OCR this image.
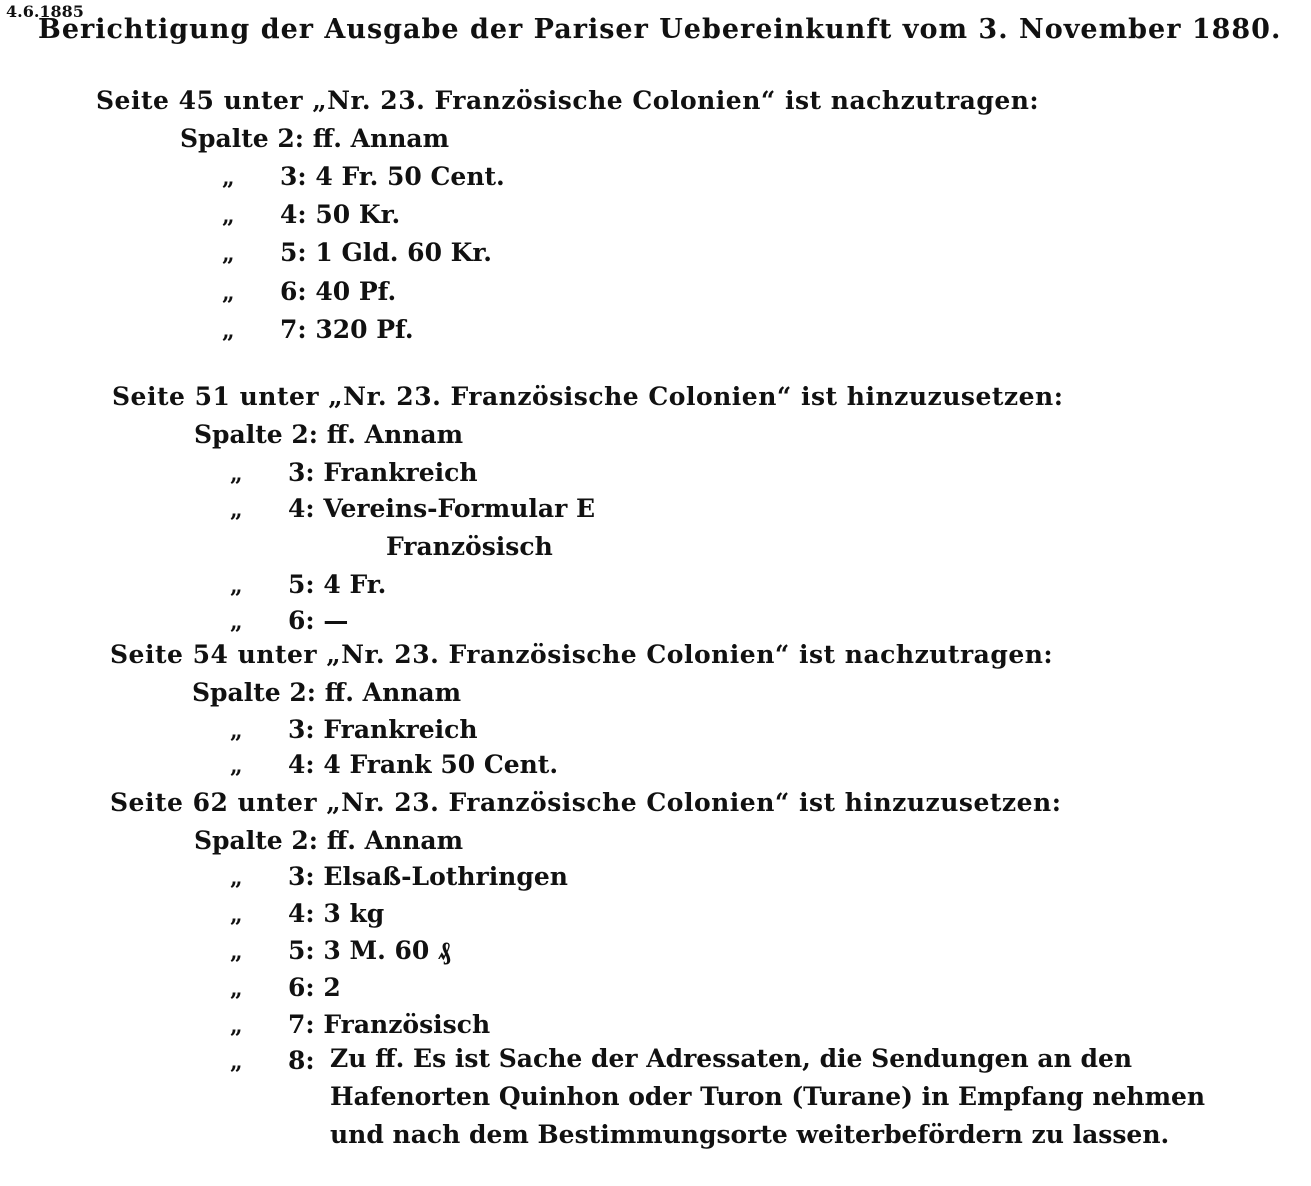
4.6.1885
Berichtigung der Ausgabe der Pariser Uebereinkunft vom 3. November 1880.
Seite 45 unter „Nr. 23. Französische Colonien“ ist nachzutragen:
Spalte 2: ff. Annam
„ 3: 4 Fr. 50 Cent.
„ 4: 50 Kr.
„ 5: 1 Gld. 60 Kr.
„ 6: 40 Pf.
„ 7: 320 Pf.
Seite 51 unter „Nr. 23. Französische Colonien“ ist hinzuzusetzen:
Spalte 2: ff. Annam
„ 3: Frankreich
„ 4: Vereins-Formular E
Französisch
„ 5: 4 Fr.
„ 6: —
Seite 54 unter „Nr. 23. Französische Colonien“ ist nachzutragen:
Spalte 2: ff. Annam
„ 3: Frankreich
„ 4: 4 Frank 50 Cent.
Seite 62 unter „Nr. 23. Französische Colonien“ ist hinzuzusetzen:
Spalte 2: ff. Annam
„ 3: Elsaß-Lothringen
„ 4: 3 kg
„ 5: 3 M. 60 ₰
„ 6: 2
„ 7: Französisch
„ 8: Zu ff. Es ist Sache der Adressaten, die Sendungen an den Hafenorten Quinhon oder Turon (Turane) in Empfang nehmen und nach dem Bestimmungsorte weiterbefördern zu lassen.
